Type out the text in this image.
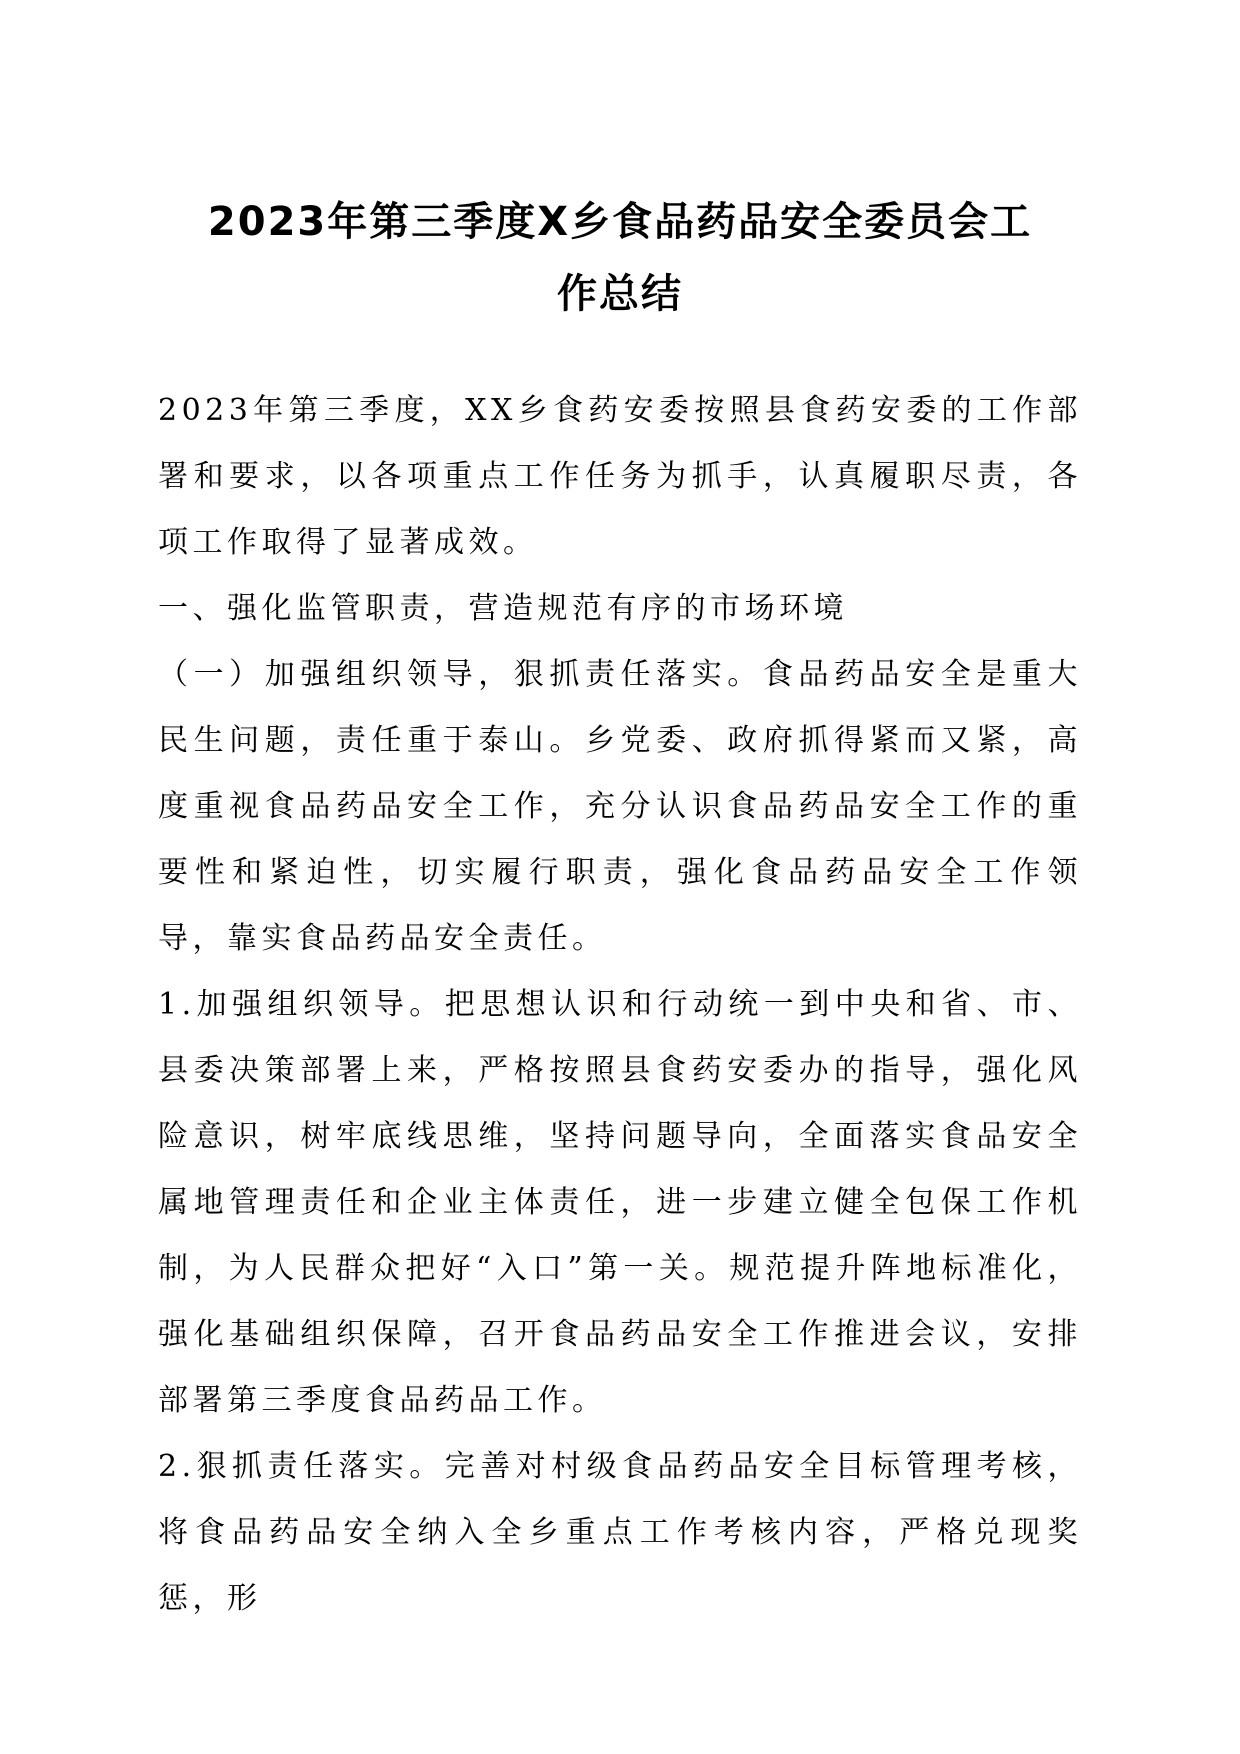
2023年第三季度X乡食品药品安全委员会工
作总结

2023年第三季度，XX乡食药安委按照县食药安委的工作部署和要求，以各项重点工作任务为抓手，认真履职尽责，各项工作取得了显著成效。

一、强化监管职责，营造规范有序的市场环境

（一）加强组织领导，狠抓责任落实。食品药品安全是重大民生问题，责任重于泰山。乡党委、政府抓得紧而又紧，高度重视食品药品安全工作，充分认识食品药品安全工作的重要性和紧迫性，切实履行职责，强化食品药品安全工作领导，靠实食品药品安全责任。

1.加强组织领导。把思想认识和行动统一到中央和省、市、县委决策部署上来，严格按照县食药安委办的指导，强化风险意识，树牢底线思维，坚持问题导向，全面落实食品安全属地管理责任和企业主体责任，进一步建立健全包保工作机制，为人民群众把好“入口”第一关。规范提升阵地标准化，强化基础组织保障，召开食品药品安全工作推进会议，安排部署第三季度食品药品工作。

2.狠抓责任落实。完善对村级食品药品安全目标管理考核，将食品药品安全纳入全乡重点工作考核内容，严格兑现奖惩，形
